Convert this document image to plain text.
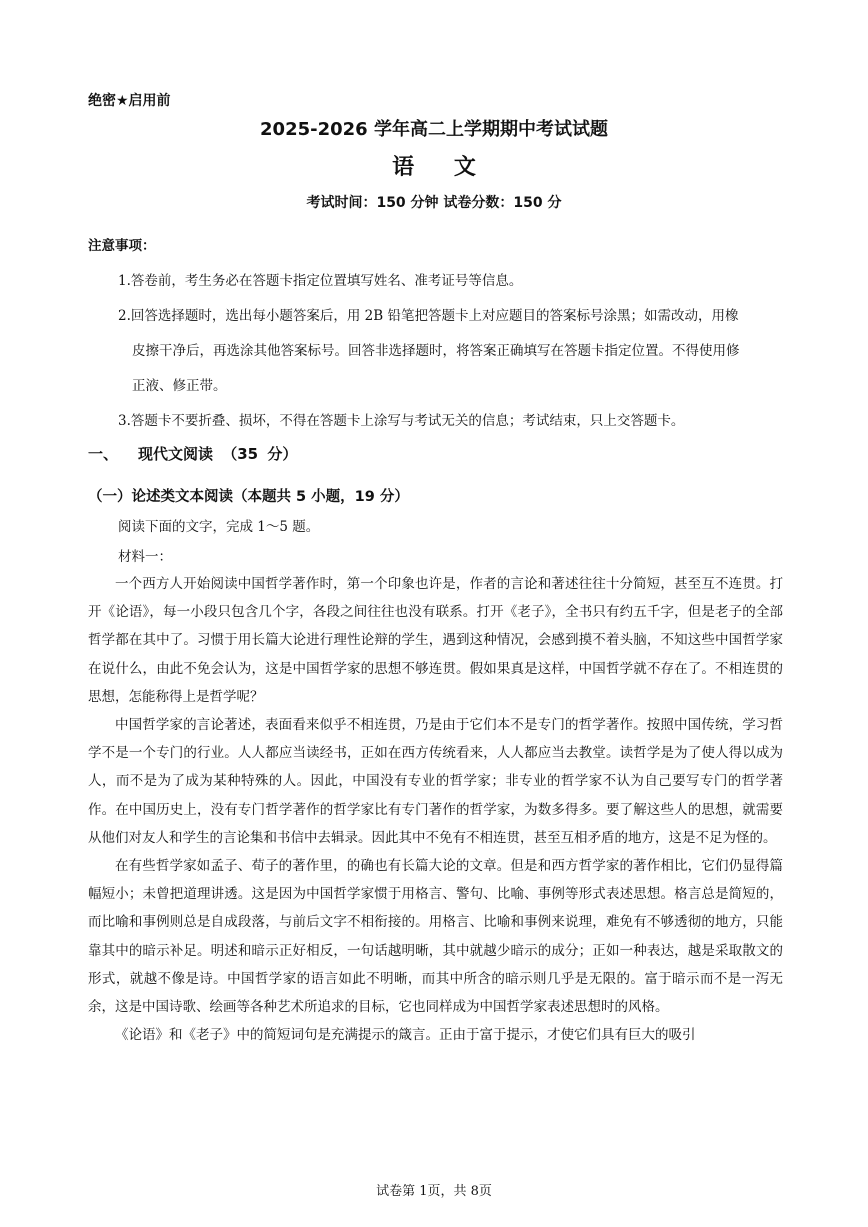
绝密★启用前
2025-2026 学年高二上学期期中考试试题
语 文
考试时间：150 分钟 试卷分数：150 分
注意事项：
1.答卷前，考生务必在答题卡指定位置填写姓名、准考证号等信息。
2.回答选择题时，选出每小题答案后，用 2B 铅笔把答题卡上对应题目的答案标号涂黑；如需改动，用橡
皮擦干净后，再选涂其他答案标号。回答非选择题时，将答案正确填写在答题卡指定位置。不得使用修
正液、修正带。
3.答题卡不要折叠、损坏，不得在答题卡上涂写与考试无关的信息；考试结束，只上交答题卡。
一、 现代文阅读 （35 分）
（一）论述类文本阅读（本题共 5 小题，19 分）
阅读下面的文字，完成 1～5 题。
材料一：

一个西方人开始阅读中国哲学著作时，第一个印象也许是，作者的言论和著述往往十分简短，甚至互不连贯。打开《论语》，每一小段只包含几个字，各段之间往往也没有联系。打开《老子》，全书只有约五千字，但是老子的全部哲学都在其中了。习惯于用长篇大论进行理性论辩的学生，遇到这种情况，会感到摸不着头脑，不知这些中国哲学家在说什么，由此不免会认为，这是中国哲学家的思想不够连贯。假如果真是这样，中国哲学就不存在了。不相连贯的思想，怎能称得上是哲学呢？

中国哲学家的言论著述，表面看来似乎不相连贯，乃是由于它们本不是专门的哲学著作。按照中国传统，学习哲学不是一个专门的行业。人人都应当读经书，正如在西方传统看来，人人都应当去教堂。读哲学是为了使人得以成为人，而不是为了成为某种特殊的人。因此，中国没有专业的哲学家；非专业的哲学家不认为自己要写专门的哲学著作。在中国历史上，没有专门哲学著作的哲学家比有专门著作的哲学家，为数多得多。要了解这些人的思想，就需要从他们对友人和学生的言论集和书信中去辑录。因此其中不免有不相连贯，甚至互相矛盾的地方，这是不足为怪的。

在有些哲学家如孟子、荀子的著作里，的确也有长篇大论的文章。但是和西方哲学家的著作相比，它们仍显得篇幅短小；未曾把道理讲透。这是因为中国哲学家惯于用格言、警句、比喻、事例等形式表述思想。格言总是简短的，而比喻和事例则总是自成段落，与前后文字不相衔接的。用格言、比喻和事例来说理，难免有不够透彻的地方，只能靠其中的暗示补足。明述和暗示正好相反，一句话越明晰，其中就越少暗示的成分；正如一种表达，越是采取散文的形式，就越不像是诗。中国哲学家的语言如此不明晰，而其中所含的暗示则几乎是无限的。富于暗示而不是一泻无余，这是中国诗歌、绘画等各种艺术所追求的目标，它也同样成为中国哲学家表述思想时的风格。

《论语》和《老子》中的简短词句是充满提示的箴言。正由于富于提示，才使它们具有巨大的吸引

试卷第 1页，共 8页
